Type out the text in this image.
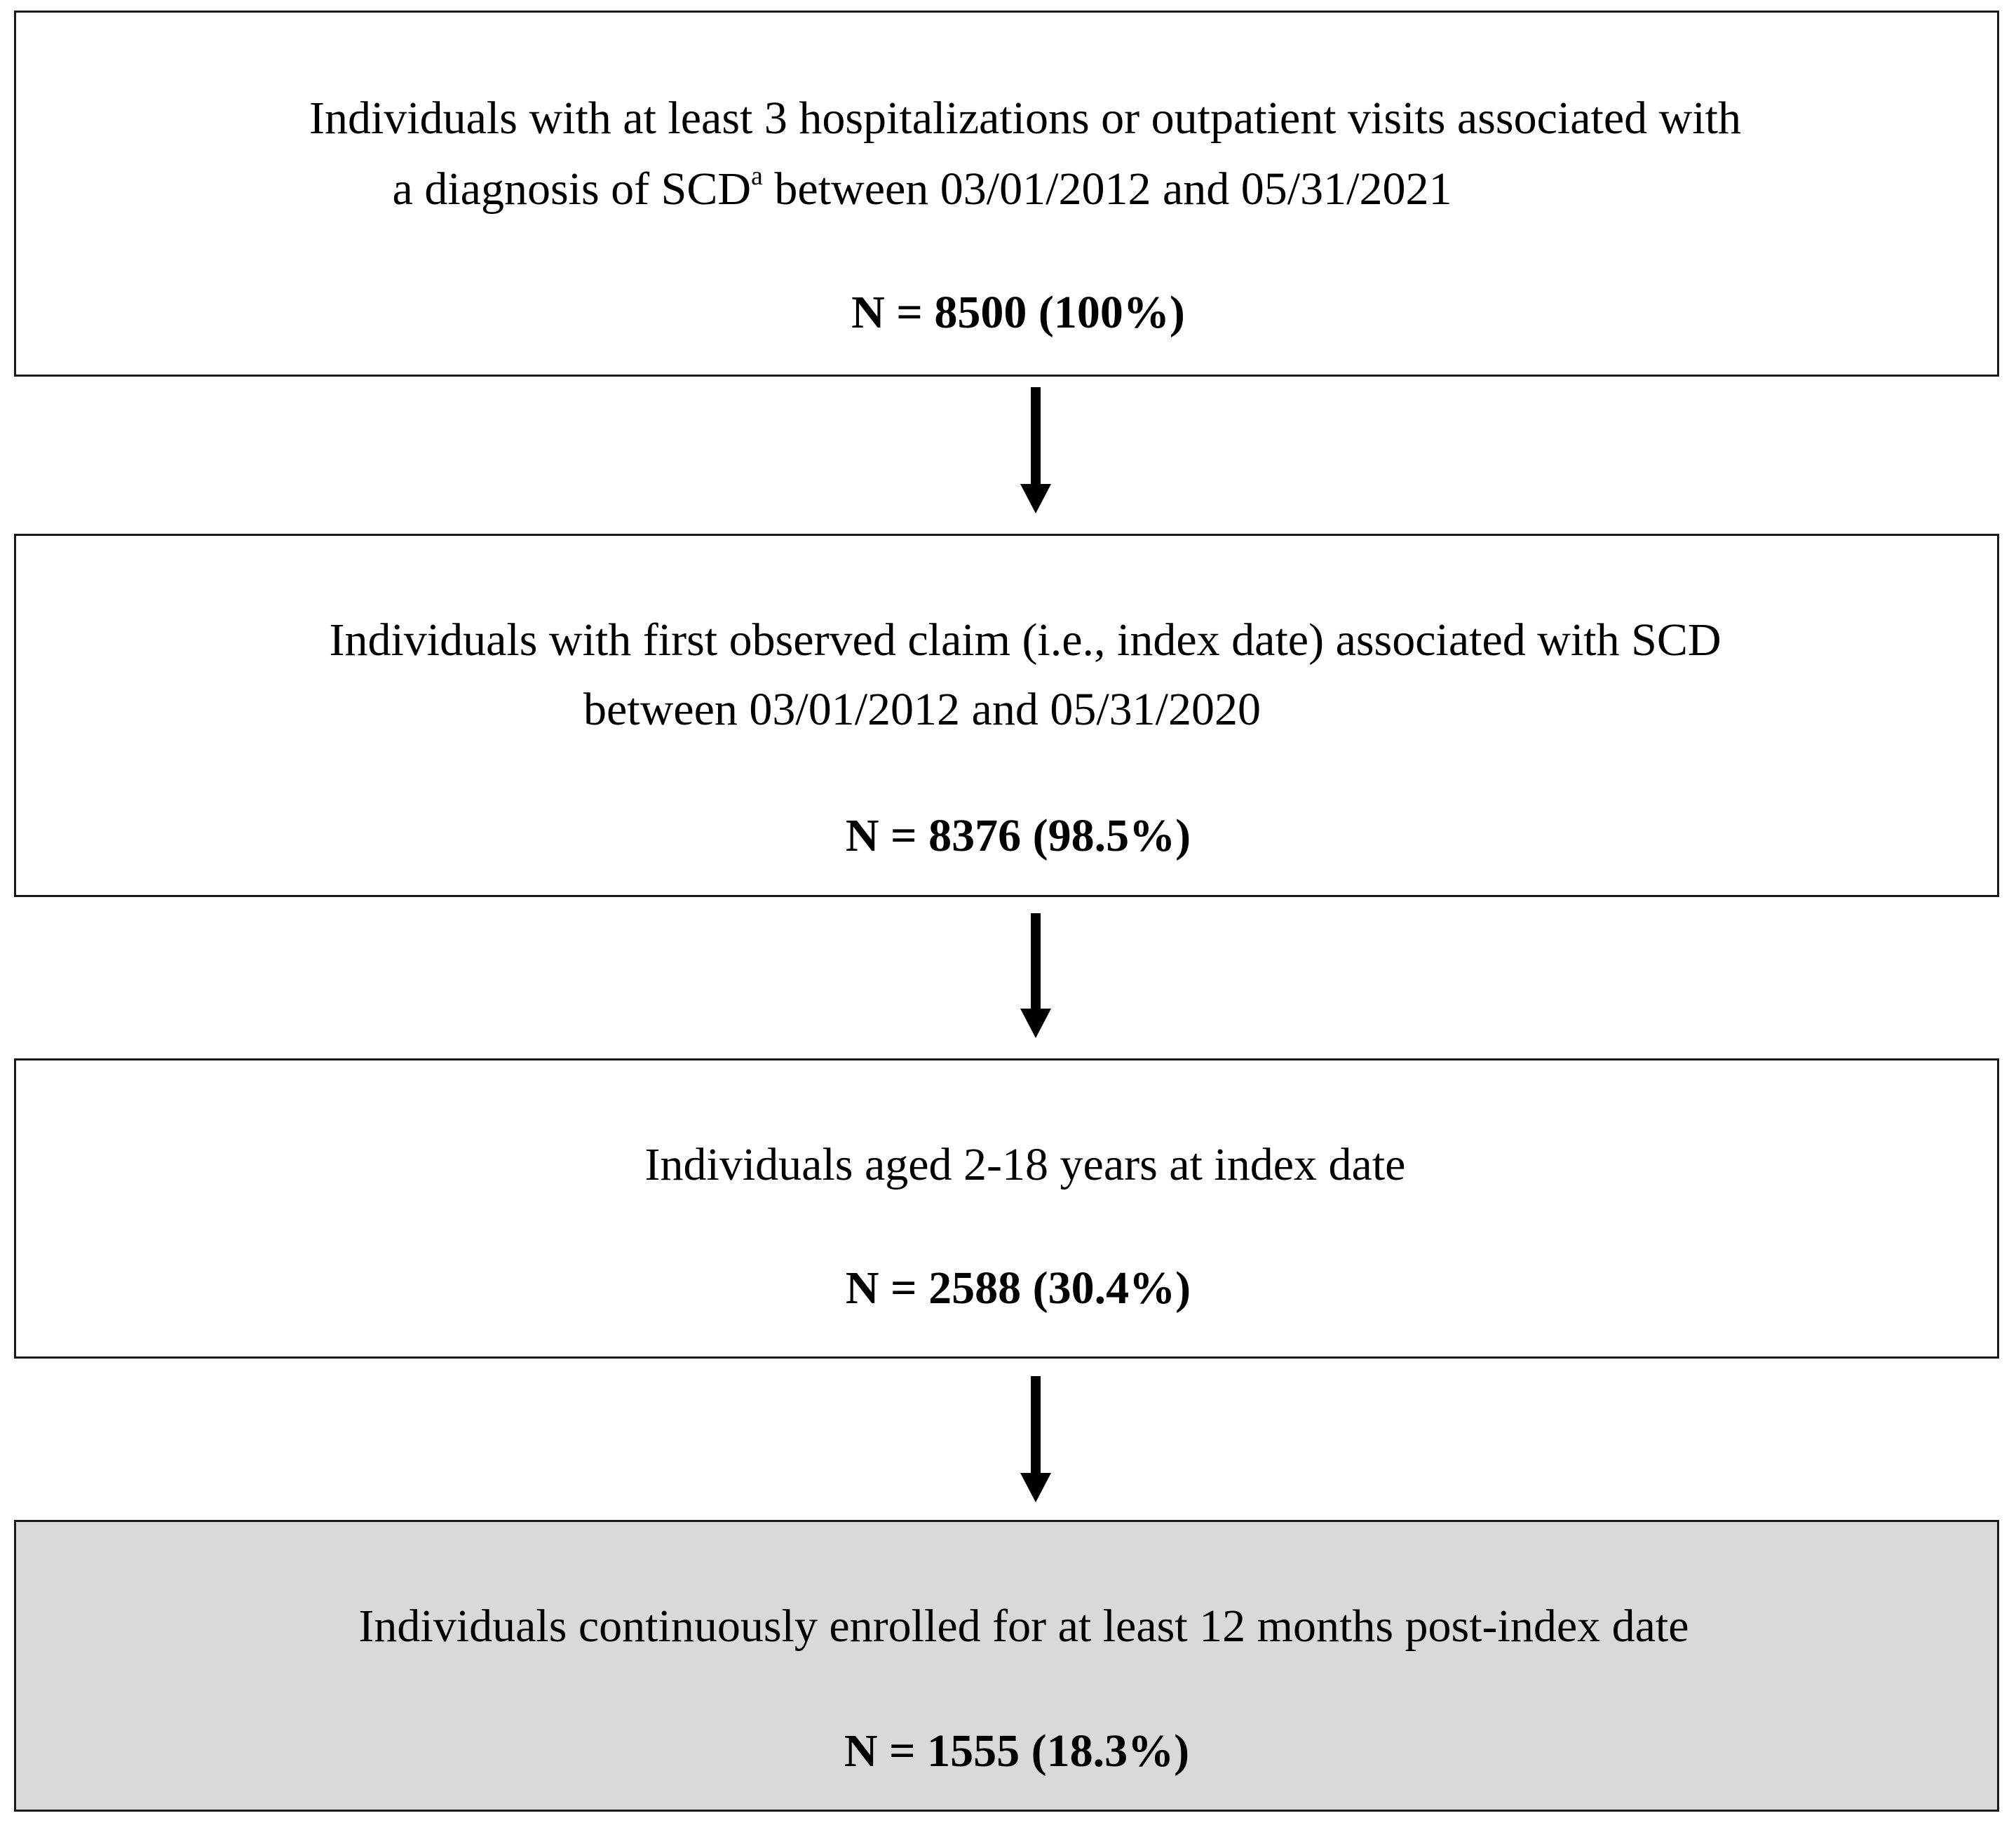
Individuals with at least 3 hospitalizations or outpatient visits associated with
a diagnosis of SCD$^a$ between 03/01/2012 and 05/31/2021
N = 8500 (100%)
Individuals with first observed claim (i.e., index date) associated with SCD
between 03/01/2012 and 05/31/2020
N = 8376 (98.5%)
Individuals aged 2-18 years at index date
N = 2588 (30.4%)
Individuals continuously enrolled for at least 12 months post-index date
N = 1555 (18.3%)
